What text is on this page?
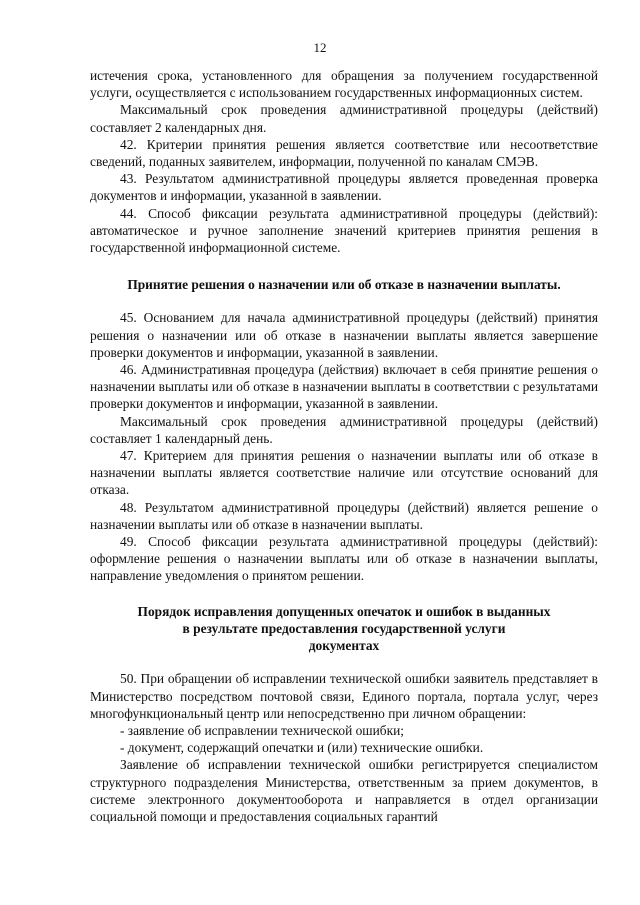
12

истечения срока, установленного для обращения за получением государственной услуги, осуществляется с использованием государственных информационных систем.

Максимальный срок проведения административной процедуры (действий) составляет 2 календарных дня.

42. Критерии принятия решения является соответствие или несоответствие сведений, поданных заявителем, информации, полученной по каналам СМЭВ.

43. Результатом административной процедуры является проведенная проверка документов и информации, указанной в заявлении.

44. Способ фиксации результата административной процедуры (действий): автоматическое и ручное заполнение значений критериев принятия решения в государственной информационной системе.

Принятие решения о назначении или об отказе в назначении выплаты.

45. Основанием для начала административной процедуры (действий) принятия решения о назначении или об отказе в назначении выплаты является завершение проверки документов и информации, указанной в заявлении.

46. Административная процедура (действия) включает в себя принятие решения о назначении выплаты или об отказе в назначении выплаты в соответствии с результатами проверки документов и информации, указанной в заявлении.

Максимальный срок проведения административной процедуры (действий) составляет 1 календарный день.

47. Критерием для принятия решения о назначении выплаты или об отказе в назначении выплаты является соответствие наличие или отсутствие оснований для отказа.

48. Результатом административной процедуры (действий) является решение о назначении выплаты или об отказе в назначении выплаты.

49. Способ фиксации результата административной процедуры (действий): оформление решения о назначении выплаты или об отказе в назначении выплаты, направление уведомления о принятом решении.

Порядок исправления допущенных опечаток и ошибок в выданных
в результате предоставления государственной услуги
документах

50. При обращении об исправлении технической ошибки заявитель представляет в Министерство посредством почтовой связи, Единого портала, портала услуг, через многофункциональный центр или непосредственно при личном обращении:

- заявление об исправлении технической ошибки;

- документ, содержащий опечатки и (или) технические ошибки.

Заявление об исправлении технической ошибки регистрируется специалистом структурного подразделения Министерства, ответственным за прием документов, в системе электронного документооборота и направляется в отдел организации социальной помощи и предоставления социальных гарантий
